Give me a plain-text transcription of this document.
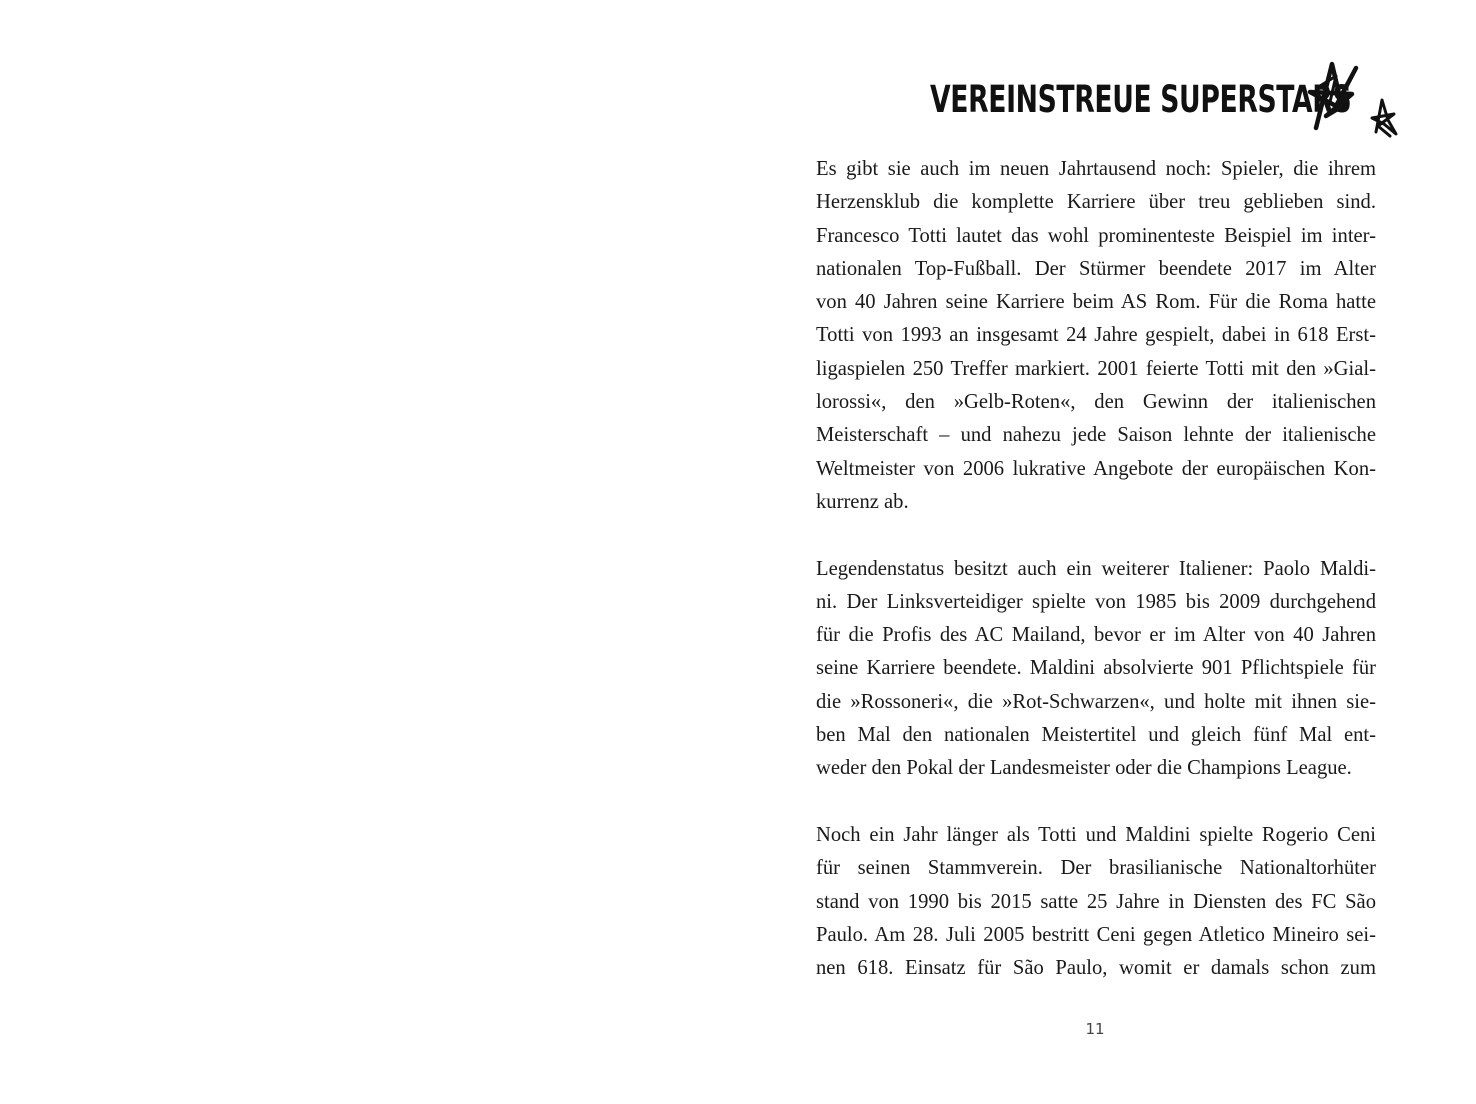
VEREINSTREUE SUPERSTARS

Es gibt sie auch im neuen Jahrtausend noch: Spieler, die ihrem
Herzensklub die komplette Karriere über treu geblieben sind.
Francesco Totti lautet das wohl prominenteste Beispiel im inter-
nationalen Top-Fußball. Der Stürmer beendete 2017 im Alter
von 40 Jahren seine Karriere beim AS Rom. Für die Roma hatte
Totti von 1993 an insgesamt 24 Jahre gespielt, dabei in 618 Erst-
ligaspielen 250 Treffer markiert. 2001 feierte Totti mit den »Gial-
lorossi«, den »Gelb-Roten«, den Gewinn der italienischen
Meisterschaft – und nahezu jede Saison lehnte der italienische
Weltmeister von 2006 lukrative Angebote der europäischen Kon-
kurrenz ab.

Legendenstatus besitzt auch ein weiterer Italiener: Paolo Maldi-
ni. Der Linksverteidiger spielte von 1985 bis 2009 durchgehend
für die Profis des AC Mailand, bevor er im Alter von 40 Jahren
seine Karriere beendete. Maldini absolvierte 901 Pflichtspiele für
die »Rossoneri«, die »Rot-Schwarzen«, und holte mit ihnen sie-
ben Mal den nationalen Meistertitel und gleich fünf Mal ent-
weder den Pokal der Landesmeister oder die Champions League.

Noch ein Jahr länger als Totti und Maldini spielte Rogerio Ceni
für seinen Stammverein. Der brasilianische Nationaltorhüter
stand von 1990 bis 2015 satte 25 Jahre in Diensten des FC São
Paulo. Am 28. Juli 2005 bestritt Ceni gegen Atletico Mineiro sei-
nen 618. Einsatz für São Paulo, womit er damals schon zum

11
